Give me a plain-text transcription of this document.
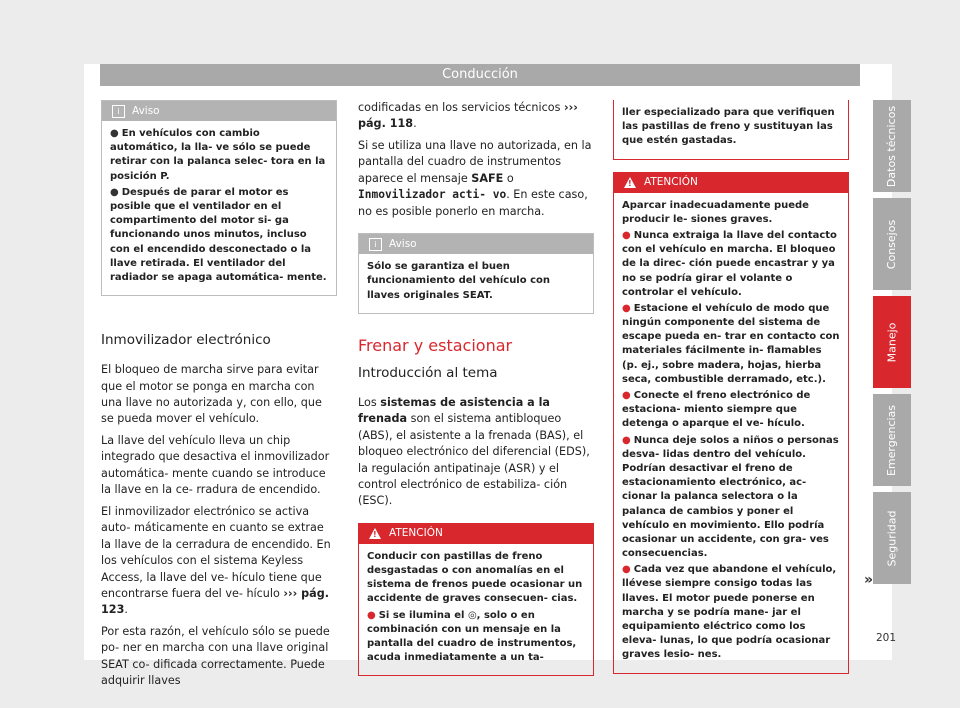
Conducción
i	Aviso

● En vehículos con cambio automático, la lla- ve sólo se puede retirar con la palanca selec- tora en la posición P.

● Después de parar el motor es posible que el ventilador en el compartimento del motor si- ga funcionando unos minutos, incluso con el encendido desconectado o la llave retirada. El ventilador del radiador se apaga automática- mente.

Inmovilizador electrónico

El bloqueo de marcha sirve para evitar que el motor se ponga en marcha con una llave no autorizada y, con ello, que se pueda mover el vehículo.

La llave del vehículo lleva un chip integrado que desactiva el inmovilizador automática- mente cuando se introduce la llave en la ce- rradura de encendido.

El inmovilizador electrónico se activa auto- máticamente en cuanto se extrae la llave de la cerradura de encendido. En los vehículos con el sistema Keyless Access, la llave del ve- hículo tiene que encontrarse fuera del ve- hículo ››› pág. 123.

Por esta razón, el vehículo sólo se puede po- ner en marcha con una llave original SEAT co- dificada correctamente. Puede adquirir llaves

codificadas en los servicios técnicos ››› pág. 118.

Si se utiliza una llave no autorizada, en la pantalla del cuadro de instrumentos aparece el mensaje SAFE o Inmovilizador acti- vo. En este caso, no es posible ponerlo en marcha.

i	Aviso

Sólo se garantiza el buen funcionamiento del vehículo con llaves originales SEAT.

Frenar y estacionar
Introducción al tema

Los sistemas de asistencia a la frenada son el sistema antibloqueo (ABS), el asistente a la frenada (BAS), el bloqueo electrónico del diferencial (EDS), la regulación antipatinaje (ASR) y el control electrónico de estabiliza- ción (ESC).

!
ATENCIÓN

Conducir con pastillas de freno desgastadas o con anomalías en el sistema de frenos puede ocasionar un accidente de graves consecuen- cias.

● Si se ilumina el ◎, solo o en combinación con un mensaje en la pantalla del cuadro de instrumentos, acuda inmediatamente a un ta-

ller especializado para que verifiquen las pastillas de freno y sustituyan las que estén gastadas.

!
ATENCIÓN

Aparcar inadecuadamente puede producir le- siones graves.

● Nunca extraiga la llave del contacto con el vehículo en marcha. El bloqueo de la direc- ción puede encastrar y ya no se podría girar el volante o controlar el vehículo.

● Estacione el vehículo de modo que ningún componente del sistema de escape pueda en- trar en contacto con materiales fácilmente in- flamables (p. ej., sobre madera, hojas, hierba seca, combustible derramado, etc.).

● Conecte el freno electrónico de estaciona- miento siempre que detenga o aparque el ve- hículo.

● Nunca deje solos a niños o personas desva- lidas dentro del vehículo. Podrían desactivar el freno de estacionamiento electrónico, ac- cionar la palanca selectora o la palanca de cambios y poner el vehículo en movimiento. Ello podría ocasionar un accidente, con gra- ves consecuencias.

● Cada vez que abandone el vehículo, llévese siempre consigo todas las llaves. El motor puede ponerse en marcha y se podría mane- jar el equipamiento eléctrico como los eleva- lunas, lo que podría ocasionar graves lesio- nes.

»
Datos técnicos
Consejos
Manejo
Emergencias
Seguridad
201
